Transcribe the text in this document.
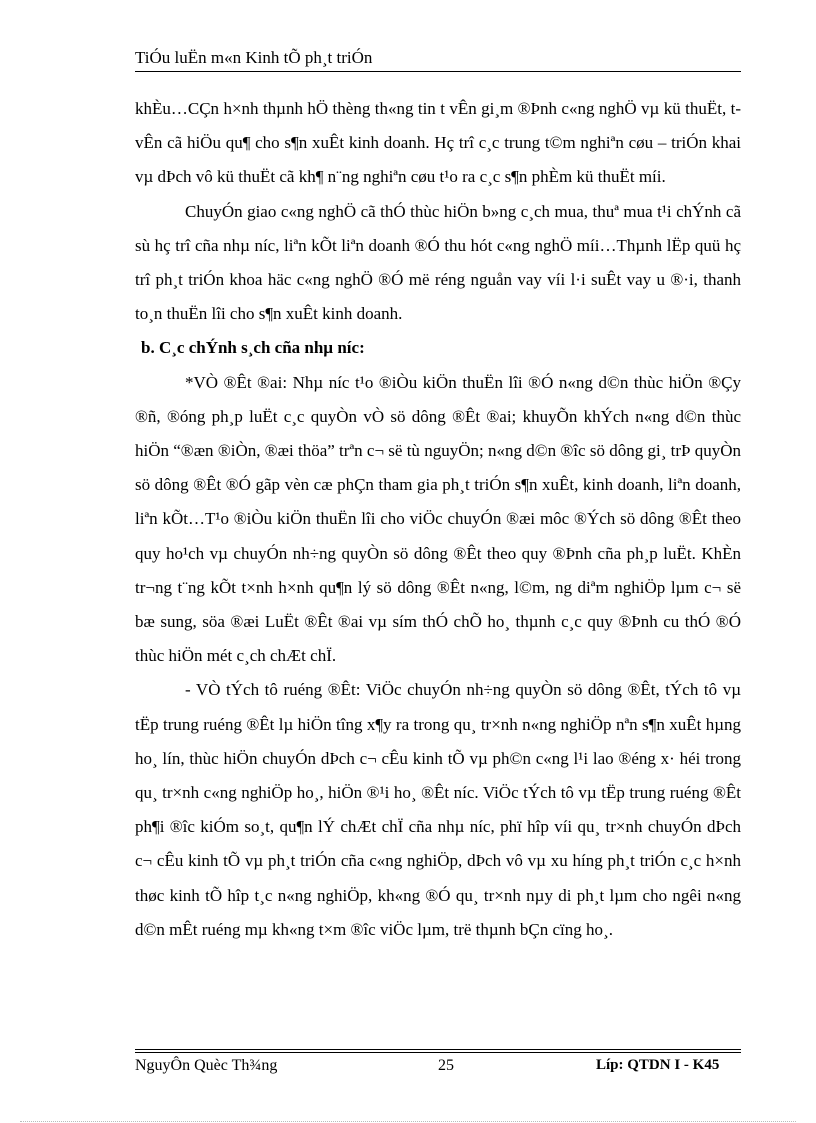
TiÓu luËn m«n Kinh tÕ ph¸t triÓn

khÈu…CÇn h×nh thµnh hÖ thèng th«ng tin t vÊn gi¸m ®Þnh c«ng nghÖ vµ kü thuËt, t vÊn cã hiÖu qu¶ cho s¶n xuÊt kinh doanh. Hç trî c¸c trung t©m nghiªn cøu – triÓn khai vµ dÞch vô kü thuËt cã kh¶ n¨ng nghiªn cøu t¹o ra c¸c s¶n phÈm kü thuËt míi.

ChuyÓn giao c«ng nghÖ cã thÓ thùc hiÖn b»ng c¸ch mua, thuª mua t¹i chÝnh cã sù hç trî cña nhµ níc, liªn kÕt liªn doanh ®Ó thu hót c«ng nghÖ míi…Thµnh lËp quü hç trî ph¸t triÓn khoa häc c«ng nghÖ ®Ó më réng nguån vay víi l·i suÊt vay u ®·i, thanh to¸n thuËn lîi cho s¶n xuÊt kinh doanh.

b. C¸c chÝnh s¸ch cña nhµ níc:

*VÒ ®Êt ®ai: Nhµ níc t¹o ®iÒu kiÖn thuËn lîi ®Ó n«ng d©n thùc hiÖn ®Çy ®ñ, ®óng ph¸p luËt c¸c quyÒn vÒ sö dông ®Êt ®ai; khuyÕn khÝch n«ng d©n thùc hiÖn “®æn ®iÒn, ®æi thöa” trªn c¬ së tù nguyÖn; n«ng d©n ®îc sö dông gi¸ trÞ quyÒn sö dông ®Êt ®Ó gãp vèn cæ phÇn tham gia ph¸t triÓn s¶n xuÊt, kinh doanh, liªn doanh, liªn kÕt…T¹o ®iÒu kiÖn thuËn lîi cho viÖc chuyÓn ®æi môc ®Ých sö dông ®Êt theo quy ho¹ch vµ chuyÓn nh÷ng quyÒn sö dông ®Êt theo quy ®Þnh cña ph¸p luËt. KhÈn tr¬ng t¨ng kÕt t×nh h×nh qu¶n lý sö dông ®Êt n«ng, l©m, ng diªm nghiÖp lµm c¬ së bæ sung, söa ®æi LuËt ®Êt ®ai vµ sím thÓ chÕ ho¸ thµnh c¸c quy ®Þnh cu thÓ ®Ó thùc hiÖn mét c¸ch chÆt chÏ.

- VÒ tÝch tô ruéng ®Êt: ViÖc chuyÓn nh÷ng quyÒn sö dông ®Êt, tÝch tô vµ tËp trung ruéng ®Êt lµ hiÖn tîng x¶y ra trong qu¸ tr×nh n«ng nghiÖp nªn s¶n xuÊt hµng ho¸ lín, thùc hiÖn chuyÓn dÞch c¬ cÊu kinh tÕ vµ ph©n c«ng l¹i lao ®éng x· héi trong qu¸ tr×nh c«ng nghiÖp ho¸, hiÖn ®¹i ho¸ ®Êt níc. ViÖc tÝch tô vµ tËp trung ruéng ®Êt ph¶i ®îc kiÓm so¸t, qu¶n lÝ chÆt chÏ cña nhµ níc, phï hîp víi qu¸ tr×nh chuyÓn dÞch c¬ cÊu kinh tÕ vµ ph¸t triÓn cña c«ng nghiÖp, dÞch vô vµ xu híng ph¸t triÓn c¸c h×nh thøc kinh tÕ hîp t¸c n«ng nghiÖp, kh«ng ®Ó qu¸ tr×nh nµy di ph¸t lµm cho ngêi n«ng d©n mÊt ruéng mµ kh«ng t×m ®îc viÖc lµm, trë thµnh bÇn cïng ho¸.

NguyÔn Quèc Th¾ng	25	Líp: QTDN I - K45
